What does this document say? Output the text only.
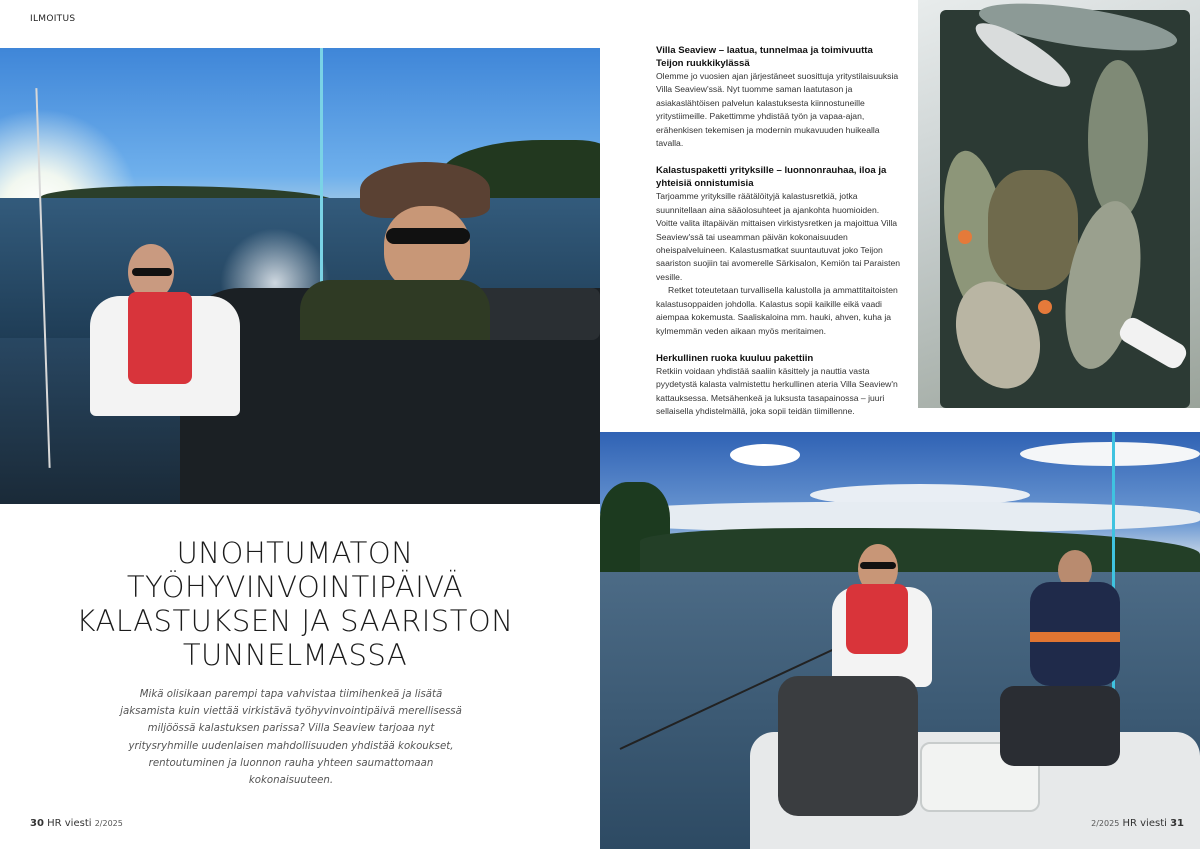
ILMOITUS
UNOHTUMATON
TYÖHYVINVOINTIPÄIVÄ
KALASTUKSEN JA SAARISTON
TUNNELMASSA
Mikä olisikaan parempi tapa vahvistaa tiimihenkeä ja lisätä jaksamista kuin viettää virkistävä työhyvinvointipäivä merellisessä miljöössä kalastuksen parissa? Villa Seaview tarjoaa nyt yritysryhmille uudenlaisen mahdollisuuden yhdistää kokoukset, rentoutuminen ja luonnon rauha yhteen saumattomaan kokonaisuuteen.
Villa Seaview – laatua, tunnelmaa ja toimivuutta Teijon ruukkikylässä

Olemme jo vuosien ajan järjestäneet suosittuja yritystilaisuuksia Villa Seaview'ssä. Nyt tuomme saman laatutason ja asiakaslähtöisen palvelun kalastuksesta kiinnostuneille yritystiimeille. Pakettimme yhdistää työn ja vapaa-ajan, erähenkisen tekemisen ja modernin mukavuuden huikealla tavalla.

Kalastuspaketti yrityksille – luonnonrauhaa, iloa ja yhteisiä onnistumisia

Tarjoamme yrityksille räätälöityjä kalastusretkiä, jotka suunnitellaan aina sääolosuhteet ja ajankohta huomioiden. Voitte valita iltapäivän mittaisen virkistysretken ja majoittua Villa Seaview'ssä tai useamman päivän kokonaisuuden oheispalveluineen. Kalastusmatkat suuntautuvat joko Teijon saariston suojiin tai avomerelle Särkisalon, Kemiön tai Paraisten vesille.

Retket toteutetaan turvallisella kalustolla ja ammattitaitoisten kalastusoppaiden johdolla. Kalastus sopii kaikille eikä vaadi aiempaa kokemusta. Saaliskaloina mm. hauki, ahven, kuha ja kylmemmän veden aikaan myös meritaimen.

Herkullinen ruoka kuuluu pakettiin

Retkiin voidaan yhdistää saaliin käsittely ja nauttia vasta pyydetystä kalasta valmistettu herkullinen ateria Villa Seaview'n kattauksessa. Metsähenkeä ja luksusta tasapainossa – juuri sellaisella yhdistelmällä, joka sopii teidän tiimillenne.

30 HR viesti 2/2025	2/2025 HR viesti 31
